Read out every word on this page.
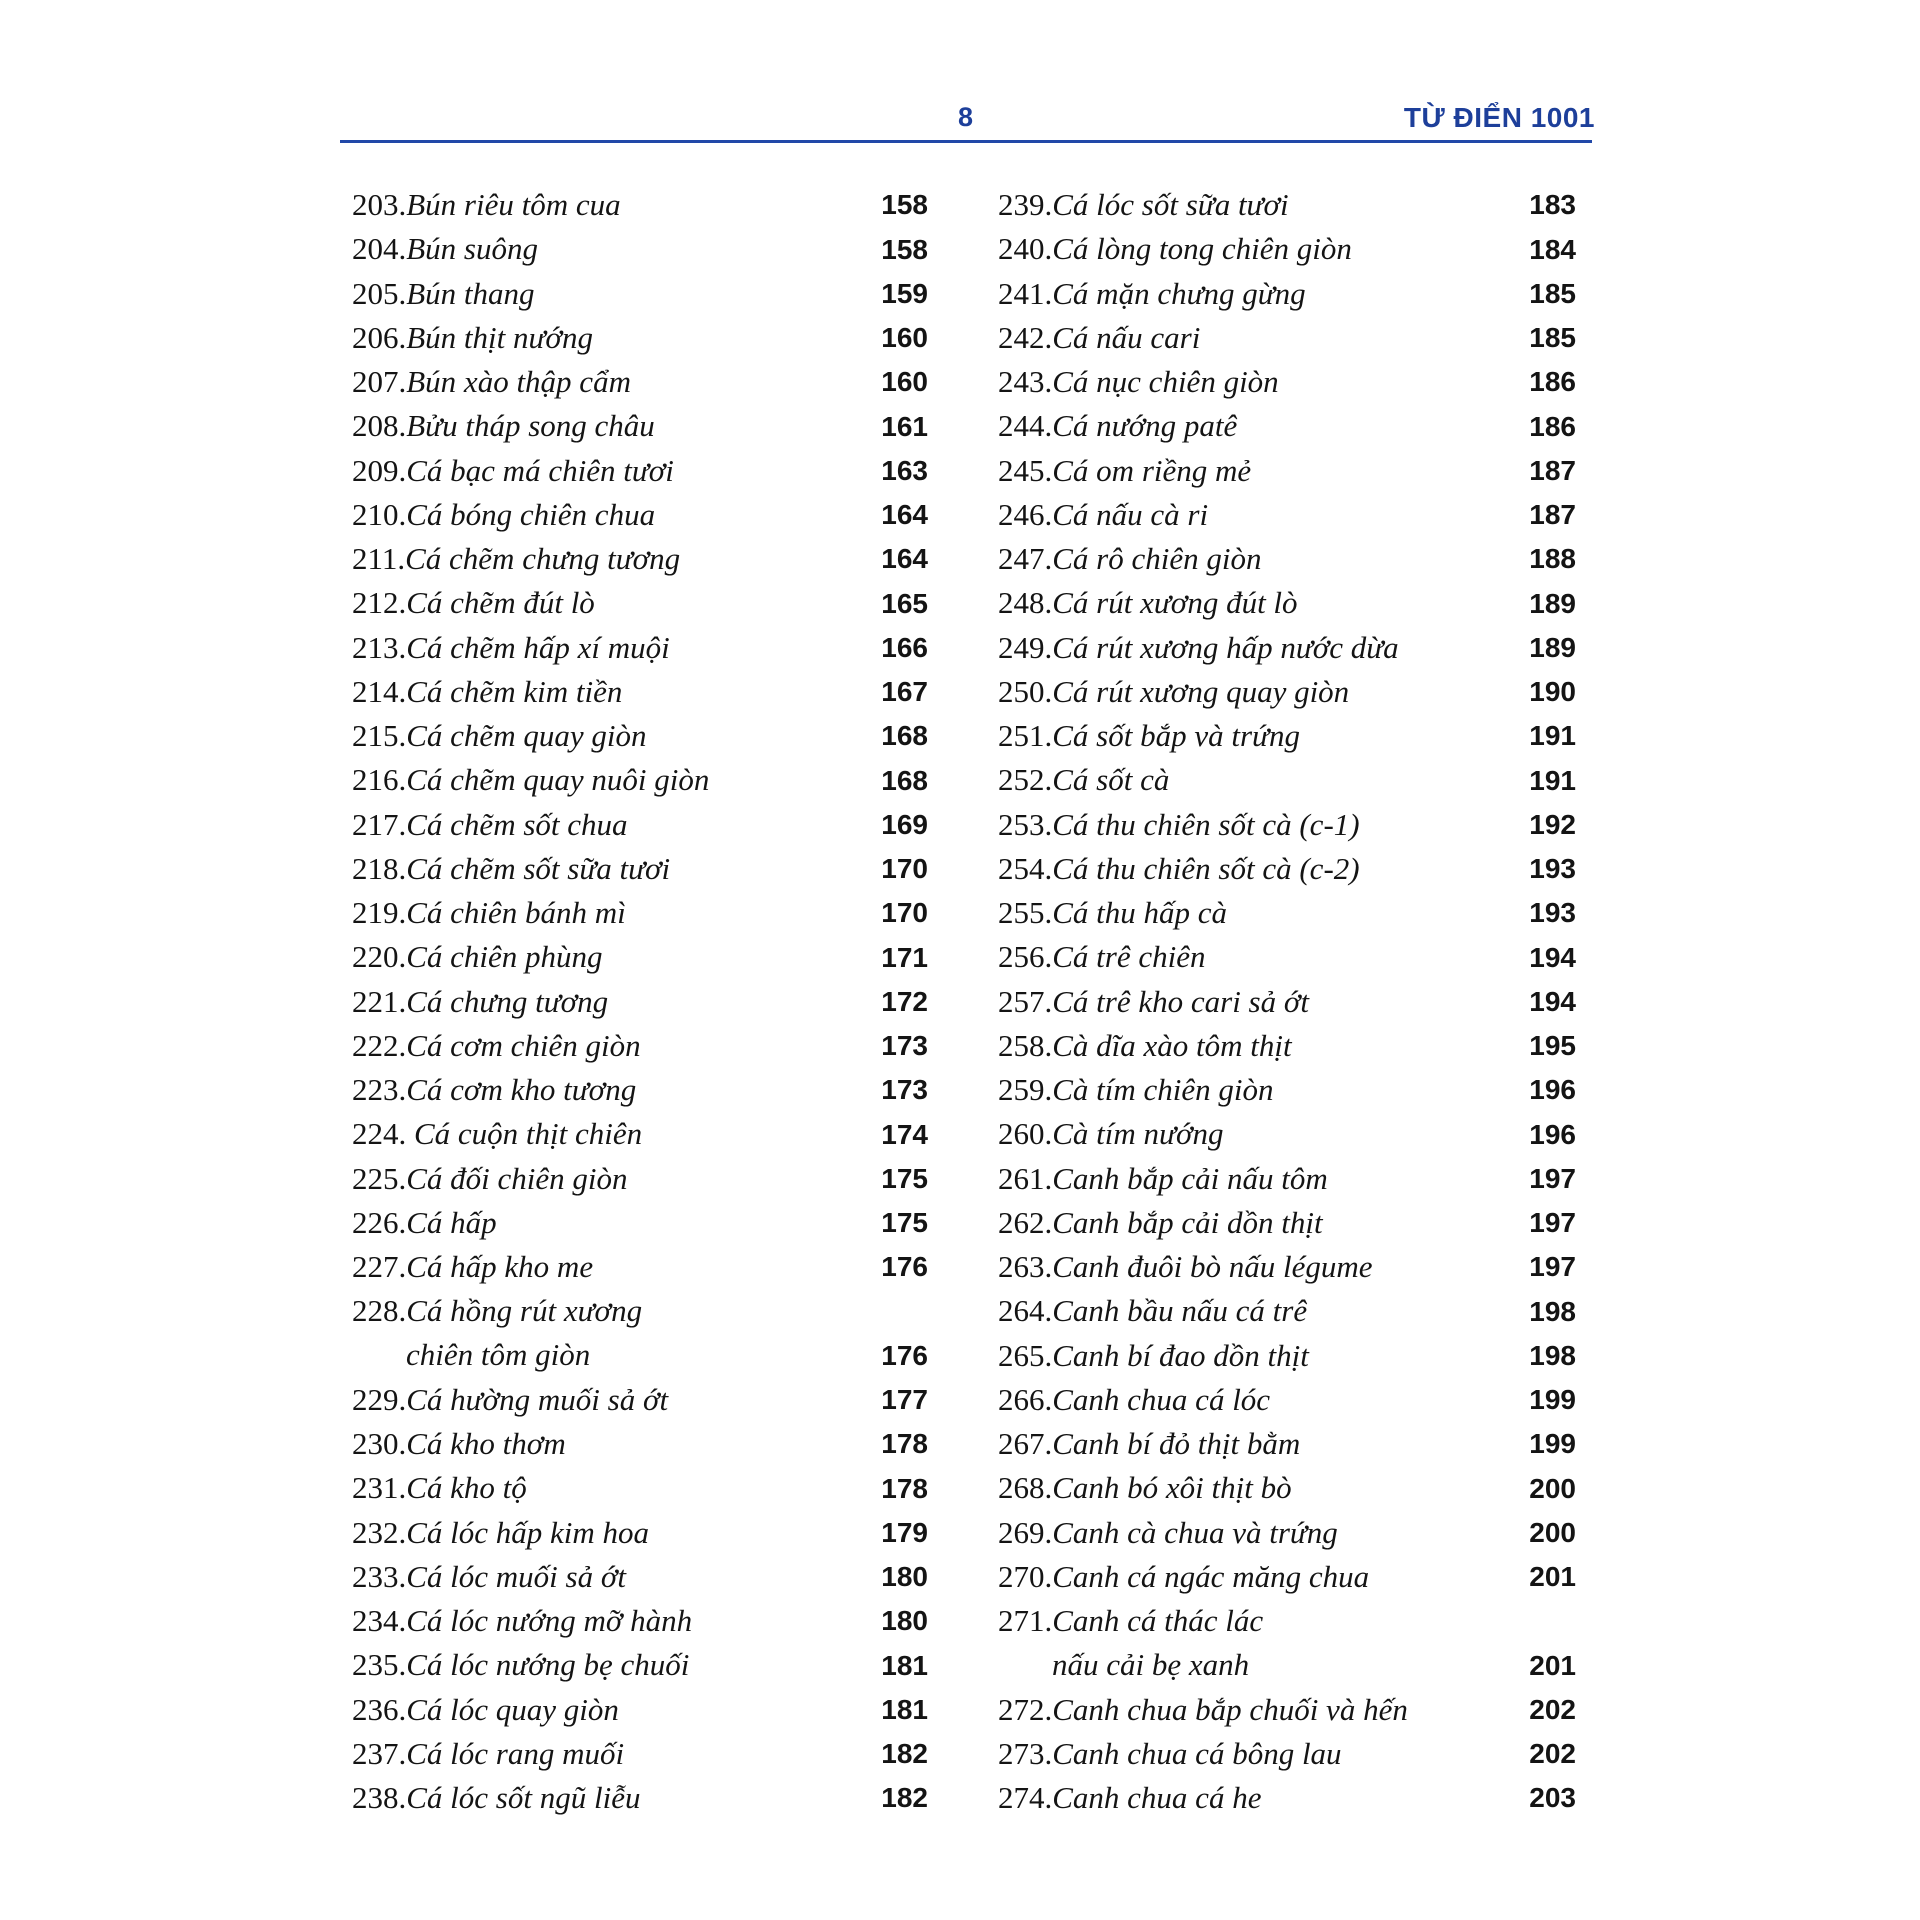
8	TỪ ĐIỂN 1001
203.Bún riêu tôm cua	158
204.Bún suông	158
205.Bún thang	159
206.Bún thịt nướng	160
207.Bún xào thập cẩm	160
208.Bửu tháp song châu	161
209.Cá bạc má chiên tươi	163
210.Cá bóng chiên chua	164
211.Cá chẽm chưng tương	164
212.Cá chẽm đút lò	165
213.Cá chẽm hấp xí muội	166
214.Cá chẽm kim tiền	167
215.Cá chẽm quay giòn	168
216.Cá chẽm quay nuôi giòn	168
217.Cá chẽm sốt chua	169
218.Cá chẽm sốt sữa tươi	170
219.Cá chiên bánh mì	170
220.Cá chiên phùng	171
221.Cá chưng tương	172
222.Cá cơm chiên giòn	173
223.Cá cơm kho tương	173
224. Cá cuộn thịt chiên	174
225.Cá đối chiên giòn	175
226.Cá hấp	175
227.Cá hấp kho me	176
228.Cá hồng rút xương
chiên tôm giòn	176
229.Cá hường muối sả ớt	177
230.Cá kho thơm	178
231.Cá kho tộ	178
232.Cá lóc hấp kim hoa	179
233.Cá lóc muối sả ớt	180
234.Cá lóc nướng mỡ hành	180
235.Cá lóc nướng bẹ chuối	181
236.Cá lóc quay giòn	181
237.Cá lóc rang muối	182
238.Cá lóc sốt ngũ liễu	182
239.Cá lóc sốt sữa tươi	183
240.Cá lòng tong chiên giòn	184
241.Cá mặn chưng gừng	185
242.Cá nấu cari	185
243.Cá nục chiên giòn	186
244.Cá nướng patê	186
245.Cá om riềng mẻ	187
246.Cá nấu cà ri	187
247.Cá rô chiên giòn	188
248.Cá rút xương đút lò	189
249.Cá rút xương hấp nước dừa	189
250.Cá rút xương quay giòn	190
251.Cá sốt bắp và trứng	191
252.Cá sốt cà	191
253.Cá thu chiên sốt cà (c-1)	192
254.Cá thu chiên sốt cà (c-2)	193
255.Cá thu hấp cà	193
256.Cá trê chiên	194
257.Cá trê kho cari sả ớt	194
258.Cà dĩa xào tôm thịt	195
259.Cà tím chiên giòn	196
260.Cà tím nướng	196
261.Canh bắp cải nấu tôm	197
262.Canh bắp cải dồn thịt	197
263.Canh đuôi bò nấu légume	197
264.Canh bầu nấu cá trê	198
265.Canh bí đao dồn thịt	198
266.Canh chua cá lóc	199
267.Canh bí đỏ thịt bằm	199
268.Canh bó xôi thịt bò	200
269.Canh cà chua và trứng	200
270.Canh cá ngác măng chua	201
271.Canh cá thác lác
nấu cải bẹ xanh	201
272.Canh chua bắp chuối và hến	202
273.Canh chua cá bông lau	202
274.Canh chua cá he	203
